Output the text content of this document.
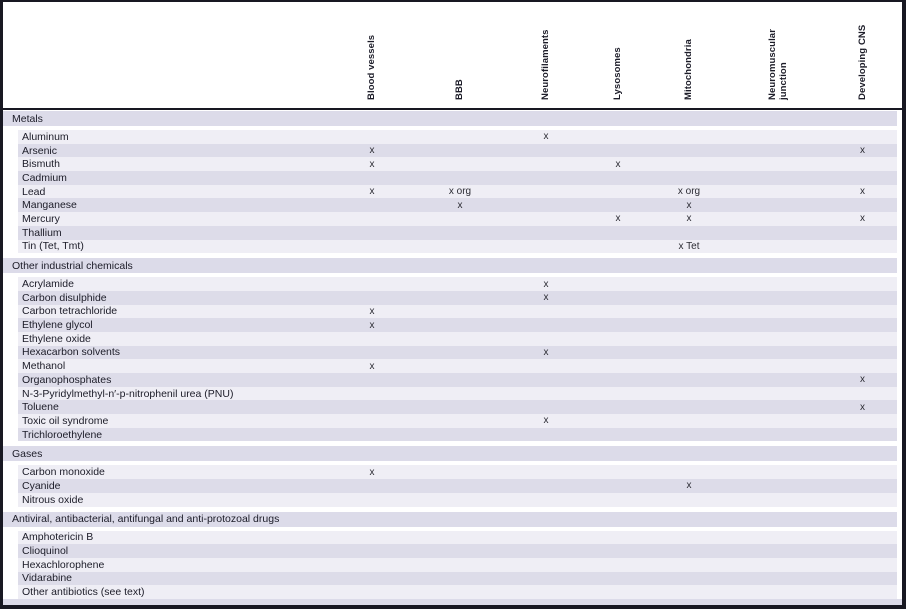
Blood vessels	BBB	Neurofilaments	Lysosomes	Mitochondria	Neuromuscular junction	Developing CNS
Metals
Aluminum	x
Arsenic	x	x
Bismuth	x	x
Cadmium
Lead	x	x org	x org	x
Manganese	x	x
Mercury	x	x	x
Thallium
Tin (Tet, Tmt)	x Tet
Other industrial chemicals
Acrylamide	x
Carbon disulphide	x
Carbon tetrachloride	x
Ethylene glycol	x
Ethylene oxide
Hexacarbon solvents	x
Methanol	x
Organophosphates	x
N-3-Pyridylmethyl-n′-p-nitrophenil urea (PNU)
Toluene	x
Toxic oil syndrome	x
Trichloroethylene
Gases
Carbon monoxide	x
Cyanide	x
Nitrous oxide
Antiviral, antibacterial, antifungal and anti-protozoal drugs
Amphotericin B
Clioquinol
Hexachlorophene
Vidarabine
Other antibiotics (see text)
